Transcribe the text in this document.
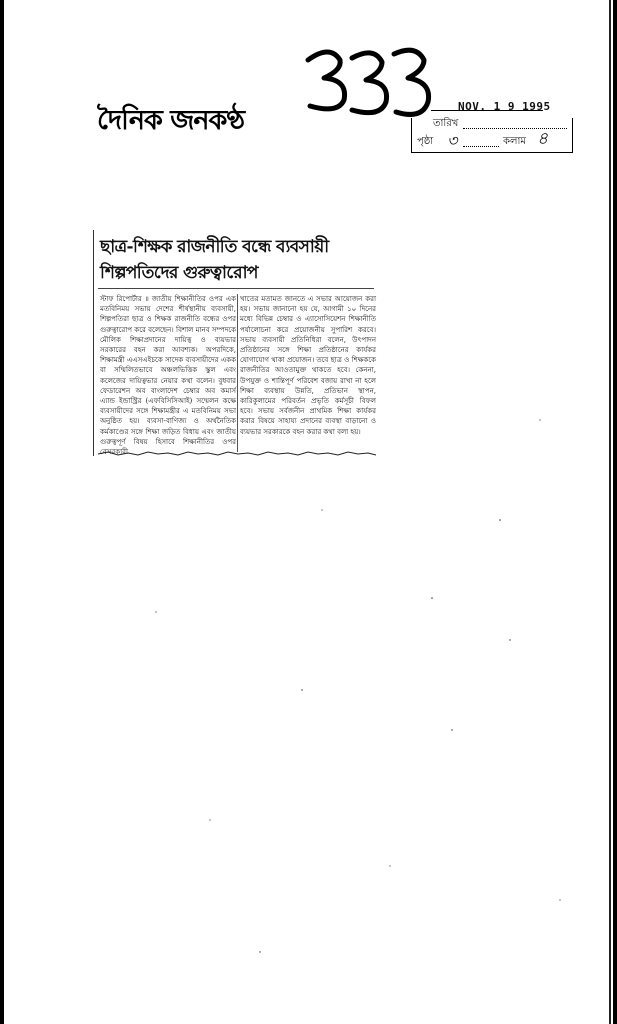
দৈনিক জনকণ্ঠ	NOV. 1 9 1995
তারিখ
পৃষ্ঠা ৩	কলাম ৪
ছাত্র-শিক্ষক রাজনীতি বন্ধে ব্যবসায়ী
শিল্পপতিদের গুরুত্বারোপ
স্টাফ রিপোর্টার ॥ জাতীয় শিক্ষানীতির ওপর এক মতবিনিময় সভায় দেশের শীর্ষস্থানীয় ব্যবসায়ী, শিল্পপতিরা ছাত্র ও শিক্ষক রাজনীতি বন্ধের ওপর গুরুত্বারোপ করে বলেছেন। বিশাল মানব সম্পদকে মৌলিক শিক্ষাপ্রদানের দায়িত্ব ও ব্যয়ভার সরকারের বহন করা আবশ্যক। অপরদিকে, শিক্ষামন্ত্রী এএসএইচকে সাদেক ব্যবসায়ীদের একক বা সম্মিলিতভাবে অঞ্চলভিত্তিক স্কুল এবং কলেজের দায়িত্বভার নেয়ার কথা বলেন। বুধবার ফেডারেশন অব বাংলাদেশ চেম্বার অব কমার্স এ্যান্ড ইন্ডাস্ট্রির (এফবিসিসিআই) সম্মেলন কক্ষে ব্যবসায়ীদের সঙ্গে শিক্ষামন্ত্রীর এ মতবিনিময় সভা অনুষ্ঠিত হয়। ব্যবসা-বাণিজ্য ও অর্থনৈতিক কর্মকাণ্ডের সঙ্গে শিক্ষা জড়িত বিধায় এবং জাতীয় গুরুত্বপূর্ণ বিষয় হিসাবে শিক্ষানীতির ওপর বেসরকারী
খাতের মতামত জানতে এ সভার আয়োজন করা হয়। সভায় জানানো হয় যে, আগামী ১০ দিনের মধ্যে বিভিন্ন চেম্বার ও এ্যাসোসিয়েশন শিক্ষানীতি পর্যালোচনা করে প্রয়োজনীয় সুপারিশ করবে। সভায় ব্যবসায়ী প্রতিনিধিরা বলেন, উৎপাদন প্রতিষ্ঠানের সঙ্গে শিক্ষা প্রতিষ্ঠানের কার্যকর যোগাযোগ থাকা প্রয়োজন। তবে ছাত্র ও শিক্ষককে রাজনীতির আওতামুক্ত থাকতে হবে। কেননা, উপযুক্ত ও শান্তিপূর্ণ পরিবেশ বজায় রাখা না হলে শিক্ষা ব্যবস্থায় উন্নতি, প্রতিভান স্থাপন, কারিকুলামের পরিবর্তন প্রভৃতি কর্মসূচী বিফল হবে। সভায় সর্বজনীন প্রাথমিক শিক্ষা কার্যকর করার বিষয়ে সাহায্য প্রদানের ব্যবস্থা বাড়ানো ও ব্যয়ভার সরকারকে বহন করার কথা বলা হয়।
